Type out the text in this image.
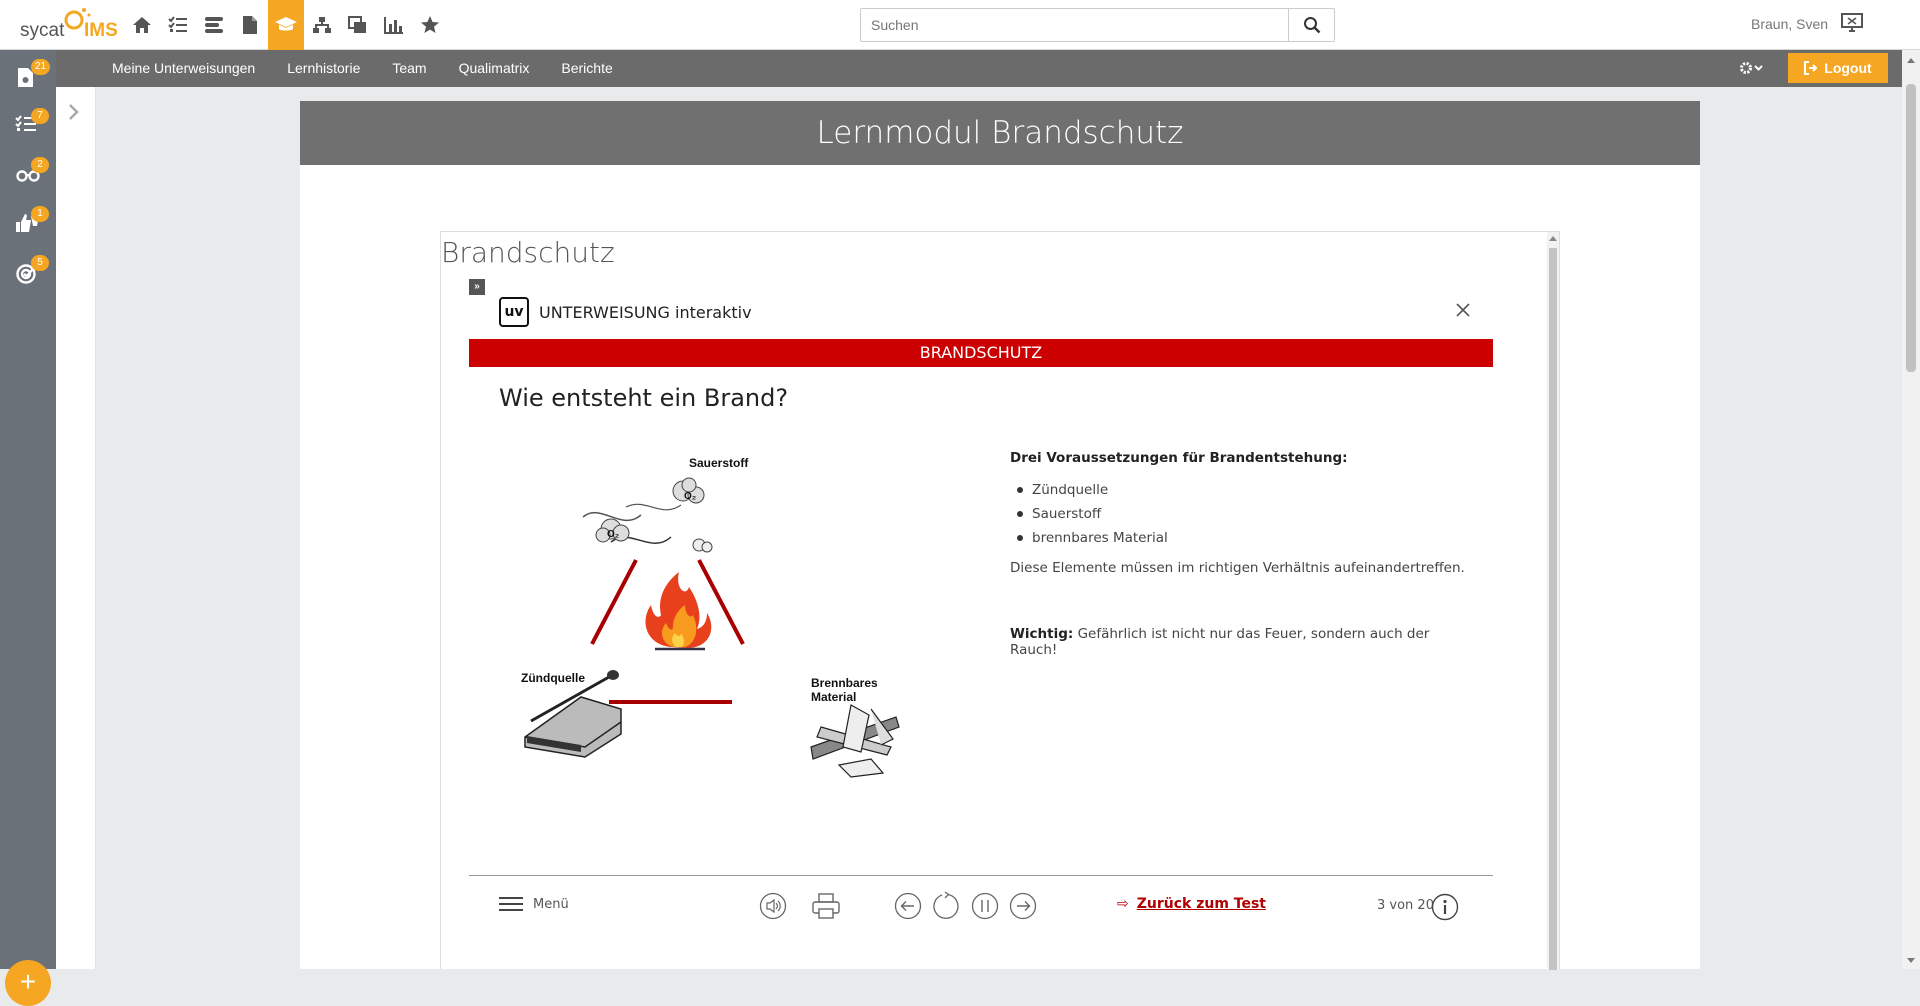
sycat IMS
Suchen	Braun, Sven
Meine Unterweisungen Lernhistorie Team Qualimatrix Berichte	Logout
21
7
2
1
5
+
Lernmodul Brandschutz
Brandschutz
»
uv UNTERWEISUNG interaktiv
BRANDSCHUTZ
Wie entsteht ein Brand?
Sauerstoff
O₂
O₂
Zündquelle	Brennbares
Material
Drei Voraussetzungen für Brandentstehung:
Zündquelle
Sauerstoff
brennbares Material
Diese Elemente müssen im richtigen Verhältnis aufeinandertreffen.
Wichtig: Gefährlich ist nicht nur das Feuer, sondern auch der Rauch!
Menü	⇨ Zurück zum Test	3 von 20
